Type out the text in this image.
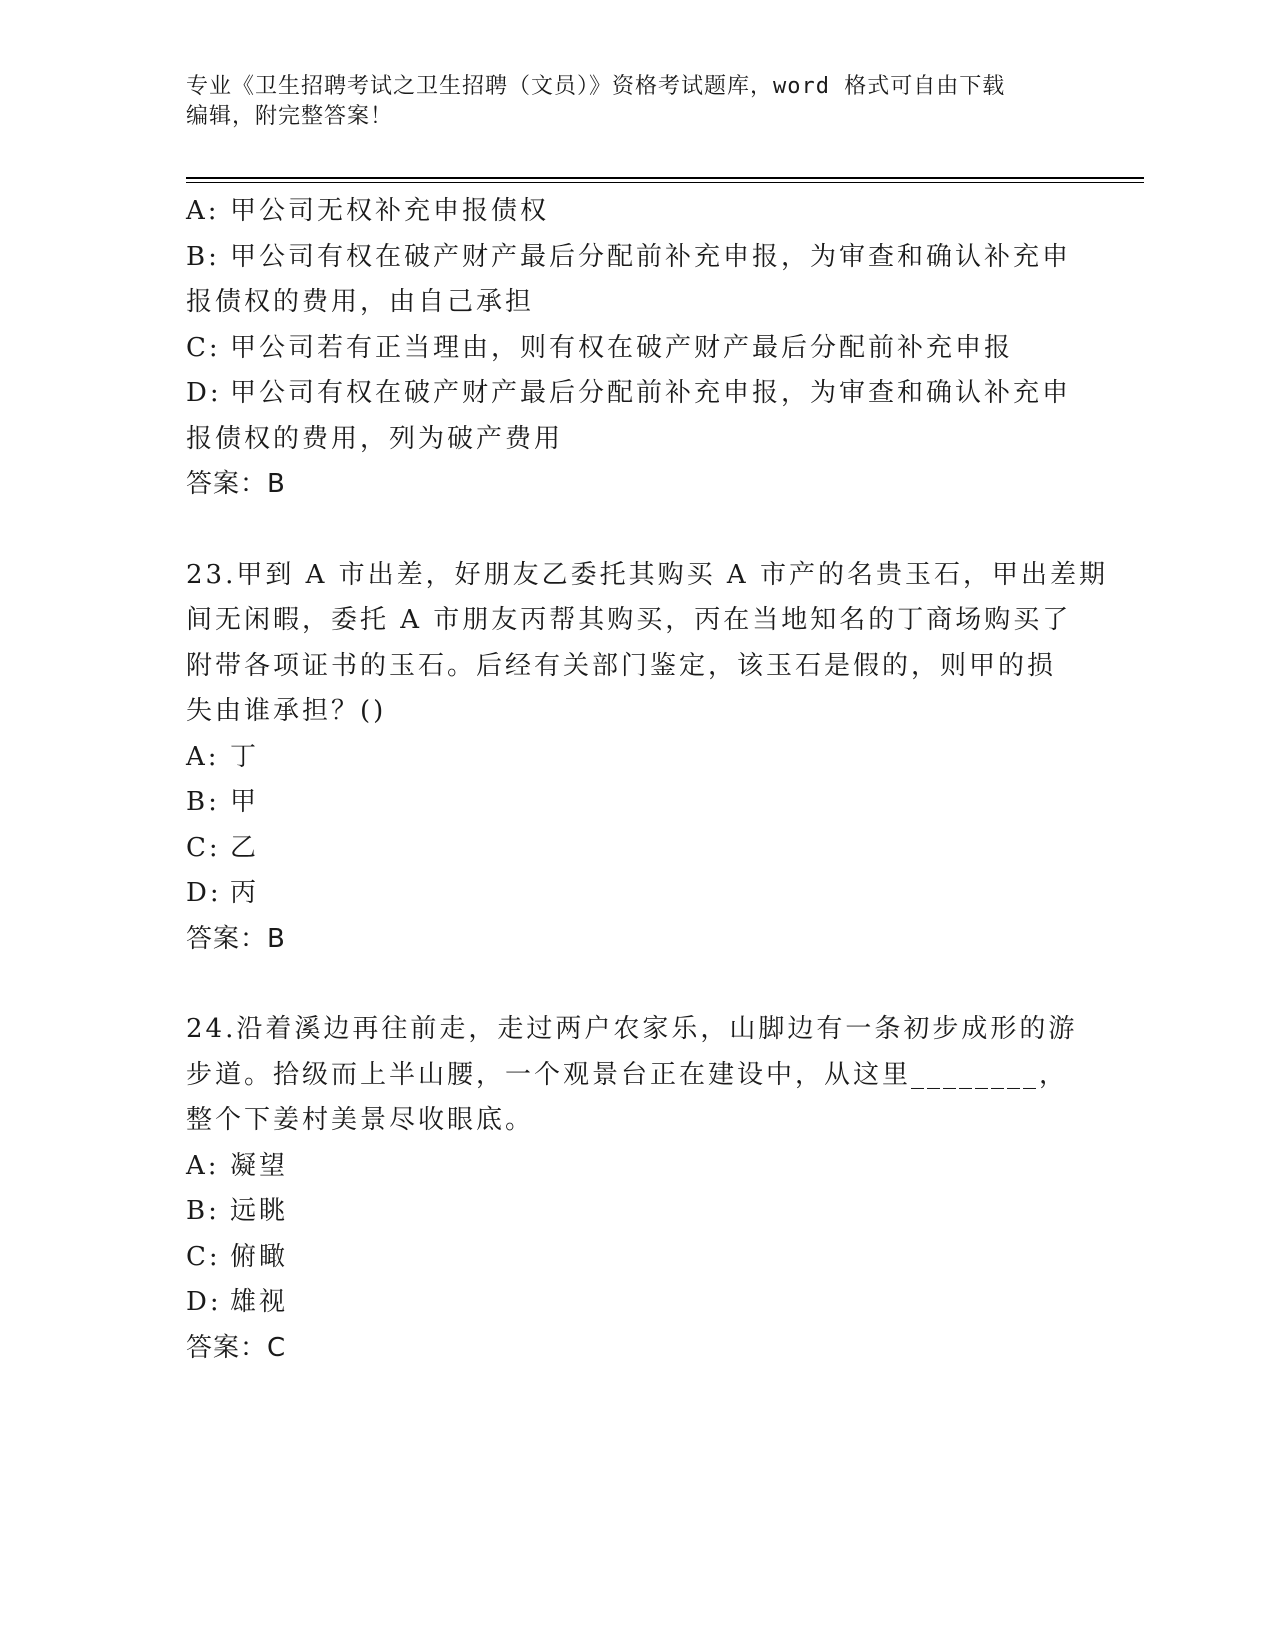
专业《卫生招聘考试之卫生招聘（文员）》资格考试题库，word 格式可自由下载
编辑，附完整答案！
A: 甲公司无权补充申报债权
B: 甲公司有权在破产财产最后分配前补充申报，为审查和确认补充申
报债权的费用，由自己承担
C: 甲公司若有正当理由，则有权在破产财产最后分配前补充申报
D: 甲公司有权在破产财产最后分配前补充申报，为审查和确认补充申
报债权的费用，列为破产费用
答案：B
23.甲到 A 市出差，好朋友乙委托其购买 A 市产的名贵玉石，甲出差期
间无闲暇，委托 A 市朋友丙帮其购买，丙在当地知名的丁商场购买了
附带各项证书的玉石。后经有关部门鉴定，该玉石是假的，则甲的损
失由谁承担？()
A: 丁
B: 甲
C: 乙
D: 丙
答案：B
24.沿着溪边再往前走，走过两户农家乐，山脚边有一条初步成形的游
步道。拾级而上半山腰，一个观景台正在建设中，从这里________，
整个下姜村美景尽收眼底。
A: 凝望
B: 远眺
C: 俯瞰
D: 雄视
答案：C
